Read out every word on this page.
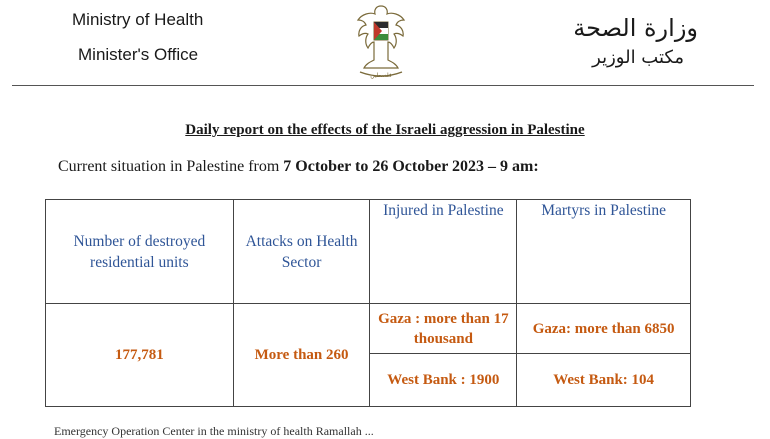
Ministry of Health
Minister's Office
فلسطين
وزارة الصحة
مكتب الوزير
Daily report on the effects of the Israeli aggression in Palestine
Current situation in Palestine from 7 October to 26 October 2023 – 9 am:
Number of destroyed residential units	Attacks on Health Sector	Injured in Palestine	Martyrs in Palestine
177,781	More than 260	Gaza : more than 17 thousand	Gaza: more than 6850
		West Bank : 1900	West Bank: 104
Emergency Operation Center in the ministry of health Ramallah ...
